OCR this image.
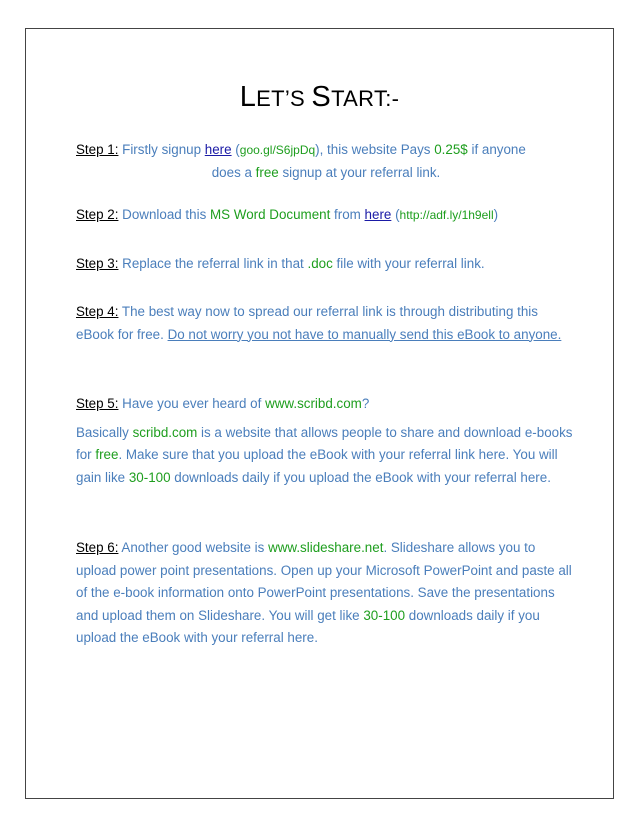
LET’S START:-
Step 1: Firstly signup here (goo.gl/S6jpDq), this website Pays 0.25$ if anyone
does a free signup at your referral link.
Step 2: Download this MS Word Document from here (http://adf.ly/1h9ell)
Step 3: Replace the referral link in that .doc file with your referral link.
Step 4: The best way now to spread our referral link is through distributing this eBook for free. Do not worry you not have to manually send this eBook to anyone.
Step 5: Have you ever heard of www.scribd.com?
Basically scribd.com is a website that allows people to share and download e-books for free. Make sure that you upload the eBook with your referral link here. You will gain like 30-100 downloads daily if you upload the eBook with your referral here.
Step 6: Another good website is www.slideshare.net. Slideshare allows you to upload power point presentations. Open up your Microsoft PowerPoint and paste all of the e-book information onto PowerPoint presentations. Save the presentations and upload them on Slideshare. You will get like 30-100 downloads daily if you upload the eBook with your referral here.
